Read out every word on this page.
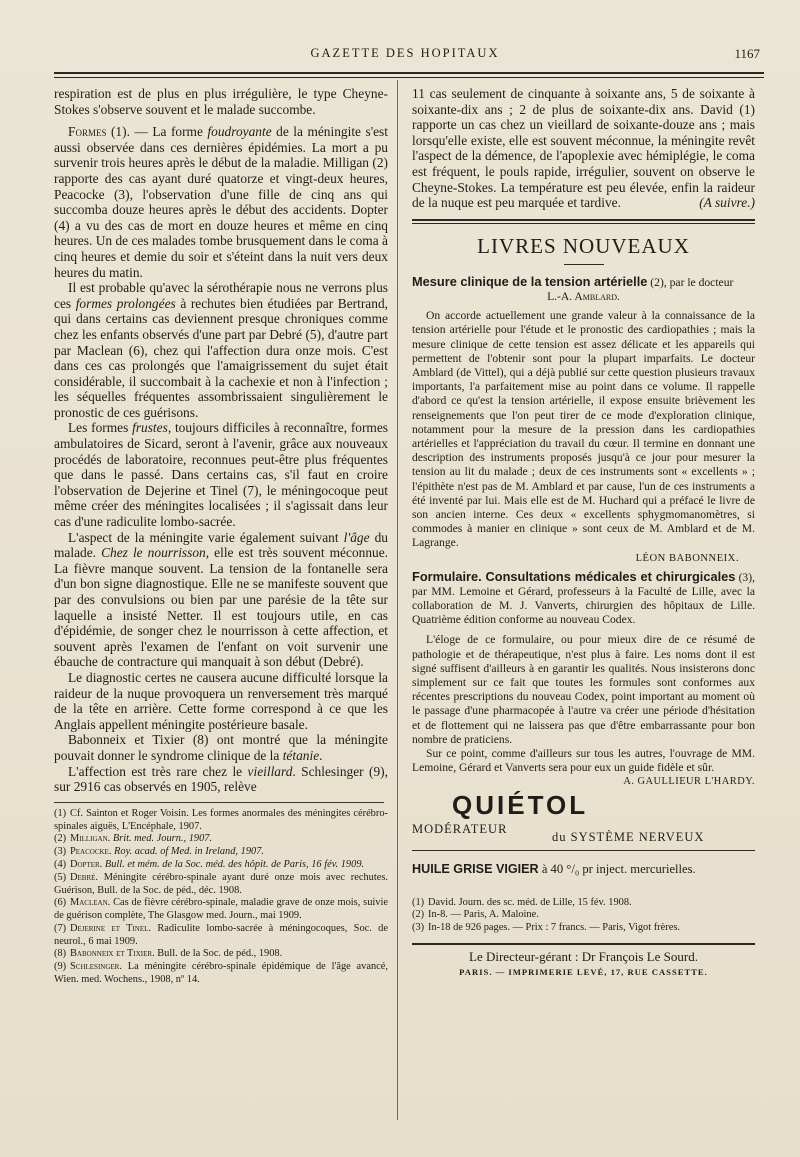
GAZETTE DES HOPITAUX	1167

respiration est de plus en plus irrégulière, le type Cheyne-Stokes s'observe souvent et le malade succombe.

Formes (1). — La forme foudroyante de la méningite s'est aussi observée dans ces dernières épidémies. La mort a pu survenir trois heures après le début de la maladie. Milligan (2) rapporte des cas ayant duré quatorze et vingt-deux heures, Peacocke (3), l'observation d'une fille de cinq ans qui succomba douze heures après le début des accidents. Dopter (4) a vu des cas de mort en douze heures et même en cinq heures. Un de ces malades tombe brusquement dans le coma à cinq heures et demie du soir et s'éteint dans la nuit vers deux heures du matin.

Il est probable qu'avec la sérothérapie nous ne verrons plus ces formes prolongées à rechutes bien étudiées par Bertrand, qui dans certains cas deviennent presque chroniques comme chez les enfants observés d'une part par Debré (5), d'autre part par Maclean (6), chez qui l'affection dura onze mois. C'est dans ces cas prolongés que l'amaigrissement du sujet était considérable, il succombait à la cachexie et non à l'infection ; les séquelles fréquentes assombrissaient singulièrement le pronostic de ces guérisons.

Les formes frustes, toujours difficiles à reconnaître, formes ambulatoires de Sicard, seront à l'avenir, grâce aux nouveaux procédés de laboratoire, reconnues peut-être plus fréquentes que dans le passé. Dans certains cas, s'il faut en croire l'observation de Dejerine et Tinel (7), le méningocoque peut même créer des méningites localisées ; il s'agissait dans leur cas d'une radiculite lombo-sacrée.

L'aspect de la méningite varie également suivant l'âge du malade. Chez le nourrisson, elle est très souvent méconnue. La fièvre manque souvent. La tension de la fontanelle sera d'un bon signe diagnostique. Elle ne se manifeste souvent que par des convulsions ou bien par une parésie de la tête sur laquelle a insisté Netter. Il est toujours utile, en cas d'épidémie, de songer chez le nourrisson à cette affection, et souvent après l'examen de l'enfant on voit survenir une ébauche de contracture qui manquait à son début (Debré).

Le diagnostic certes ne causera aucune difficulté lorsque la raideur de la nuque provoquera un renversement très marqué de la tête en arrière. Cette forme correspond à ce que les Anglais appellent méningite postérieure basale.

Babonneix et Tixier (8) ont montré que la méningite pouvait donner le syndrome clinique de la tétanie.

L'affection est très rare chez le vieillard. Schlesinger (9), sur 2916 cas observés en 1905, relève

(1) Cf. Sainton et Roger Voisin. Les formes anormales des méningites cérébro-spinales aiguës, L'Encéphale, 1907.

(2) Milligan. Brit. med. Journ., 1907.

(3) Peacocke. Roy. acad. of Med. in Ireland, 1907.

(4) Dopter. Bull. et mém. de la Soc. méd. des hôpit. de Paris, 16 fév. 1909.

(5) Debré. Méningite cérébro-spinale ayant duré onze mois avec rechutes. Guérison, Bull. de la Soc. de péd., déc. 1908.

(6) Maclean. Cas de fièvre cérébro-spinale, maladie grave de onze mois, suivie de guérison complète, The Glasgow med. Journ., mai 1909.

(7) Dejerine et Tinel. Radiculite lombo-sacrée à méningocoques, Soc. de neurol., 6 mai 1909.

(8) Babonneix et Tixier. Bull. de la Soc. de péd., 1908.

(9) Schlesinger. La méningite cérébro-spinale épidémique de l'âge avancé, Wien. med. Wochens., 1908, nº 14.

11 cas seulement de cinquante à soixante ans, 5 de soixante à soixante-dix ans ; 2 de plus de soixante-dix ans. David (1) rapporte un cas chez un vieillard de soixante-douze ans ; mais lorsqu'elle existe, elle est souvent méconnue, la méningite revêt l'aspect de la démence, de l'apoplexie avec hémiplégie, le coma est fréquent, le pouls rapide, irrégulier, souvent on observe le Cheyne-Stokes. La température est peu élevée, enfin la raideur de la nuque est peu marquée et tardive.	(A suivre.)

LIVRES NOUVEAUX

Mesure clinique de la tension artérielle (2), par le docteur

L.-A. Amblard.

On accorde actuellement une grande valeur à la connaissance de la tension artérielle pour l'étude et le pronostic des cardiopathies ; mais la mesure clinique de cette tension est assez délicate et les appareils qui permettent de l'obtenir sont pour la plupart imparfaits. Le docteur Amblard (de Vittel), qui a déjà publié sur cette question plusieurs travaux importants, l'a parfaitement mise au point dans ce volume. Il rappelle d'abord ce qu'est la tension artérielle, il expose ensuite brièvement les renseignements que l'on peut tirer de ce mode d'exploration clinique, notamment pour la mesure de la pression dans les cardiopathies artérielles et l'appréciation du travail du cœur. Il termine en donnant une description des instruments proposés jusqu'à ce jour pour mesurer la tension au lit du malade ; deux de ces instruments sont « excellents » ; l'épithète n'est pas de M. Amblard et par cause, l'un de ces instruments a été inventé par lui. Mais elle est de M. Huchard qui a préfacé le livre de son ancien interne. Ces deux « excellents sphygmomanomètres, si commodes à manier en clinique » sont ceux de M. Amblard et de M. Lagrange.

LÉON BABONNEIX.

Formulaire. Consultations médicales et chirurgicales (3), par MM. Lemoine et Gérard, professeurs à la Faculté de Lille, avec la collaboration de M. J. Vanverts, chirurgien des hôpitaux de Lille. Quatrième édition conforme au nouveau Codex.

L'éloge de ce formulaire, ou pour mieux dire de ce résumé de pathologie et de thérapeutique, n'est plus à faire. Les noms dont il est signé suffisent d'ailleurs à en garantir les qualités. Nous insisterons donc simplement sur ce fait que toutes les formules sont conformes aux récentes prescriptions du nouveau Codex, point important au moment où le passage d'une pharmacopée à l'autre va créer une période d'hésitation et de flottement qui ne laissera pas que d'être embarrassante pour bon nombre de praticiens.

Sur ce point, comme d'ailleurs sur tous les autres, l'ouvrage de MM. Lemoine, Gérard et Vanverts sera pour eux un guide fidèle et sûr.
A. GAULLIEUR L'HARDY.

QUIÉTOL
MODÉRATEUR
du SYSTÈME NERVEUX

HUILE GRISE VIGIER à 40 °/₀ pr inject. mercurielles.

(1) David. Journ. des sc. méd. de Lille, 15 fév. 1908.

(2) In-8. — Paris, A. Maloine.

(3) In-18 de 926 pages. — Prix : 7 francs. — Paris, Vigot frères.

Le Directeur-gérant : Dr François Le Sourd.

PARIS. — IMPRIMERIE LEVÉ, 17, RUE CASSETTE.
